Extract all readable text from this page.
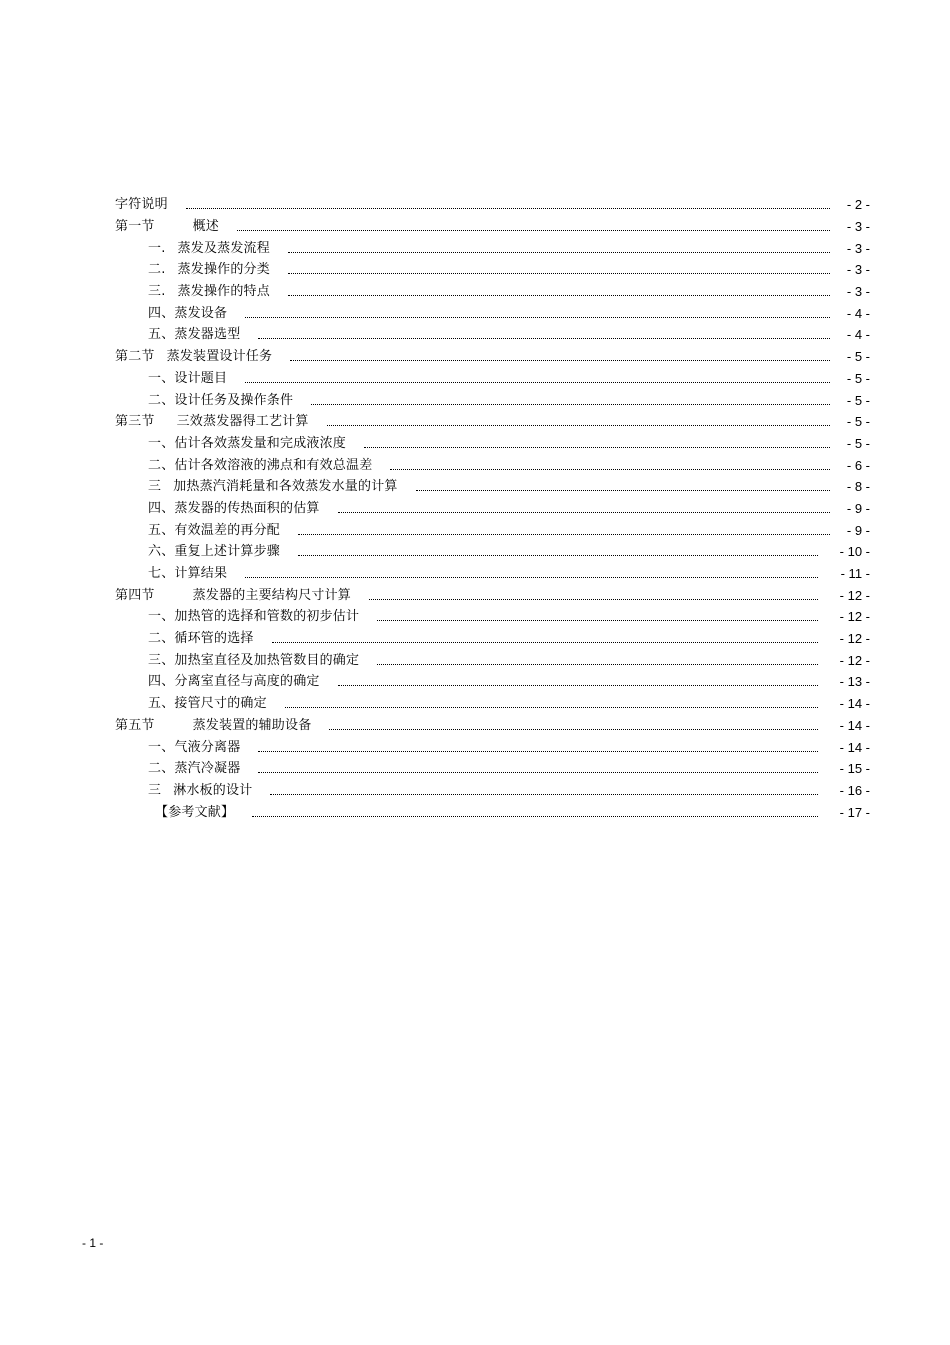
字符说明	- 2 -
第一节	概述	- 3 -
一. 蒸发及蒸发流程	- 3 -
二. 蒸发操作的分类	- 3 -
三. 蒸发操作的特点	- 3 -
四、蒸发设备	- 4 -
五、蒸发器选型	- 4 -
第二节 蒸发装置设计任务	- 5 -
一、设计题目	- 5 -
二、设计任务及操作条件	- 5 -
第三节 三效蒸发器得工艺计算	- 5 -
一、估计各效蒸发量和完成液浓度	- 5 -
二、估计各效溶液的沸点和有效总温差	- 6 -
三 加热蒸汽消耗量和各效蒸发水量的计算	- 8 -
四、蒸发器的传热面积的估算	- 9 -
五、有效温差的再分配	- 9 -
六、重复上述计算步骤	- 10 -
七、计算结果	- 11 -
第四节	蒸发器的主要结构尺寸计算	- 12 -
一、加热管的选择和管数的初步估计	- 12 -
二、循环管的选择	- 12 -
三、加热室直径及加热管数目的确定	- 12 -
四、分离室直径与高度的确定	- 13 -
五、接管尺寸的确定	- 14 -
第五节	蒸发装置的辅助设备	- 14 -
一、气液分离器	- 14 -
二、蒸汽冷凝器	- 15 -
三 淋水板的设计	- 16 -
【参考文献】	- 17 -
- 1 -
